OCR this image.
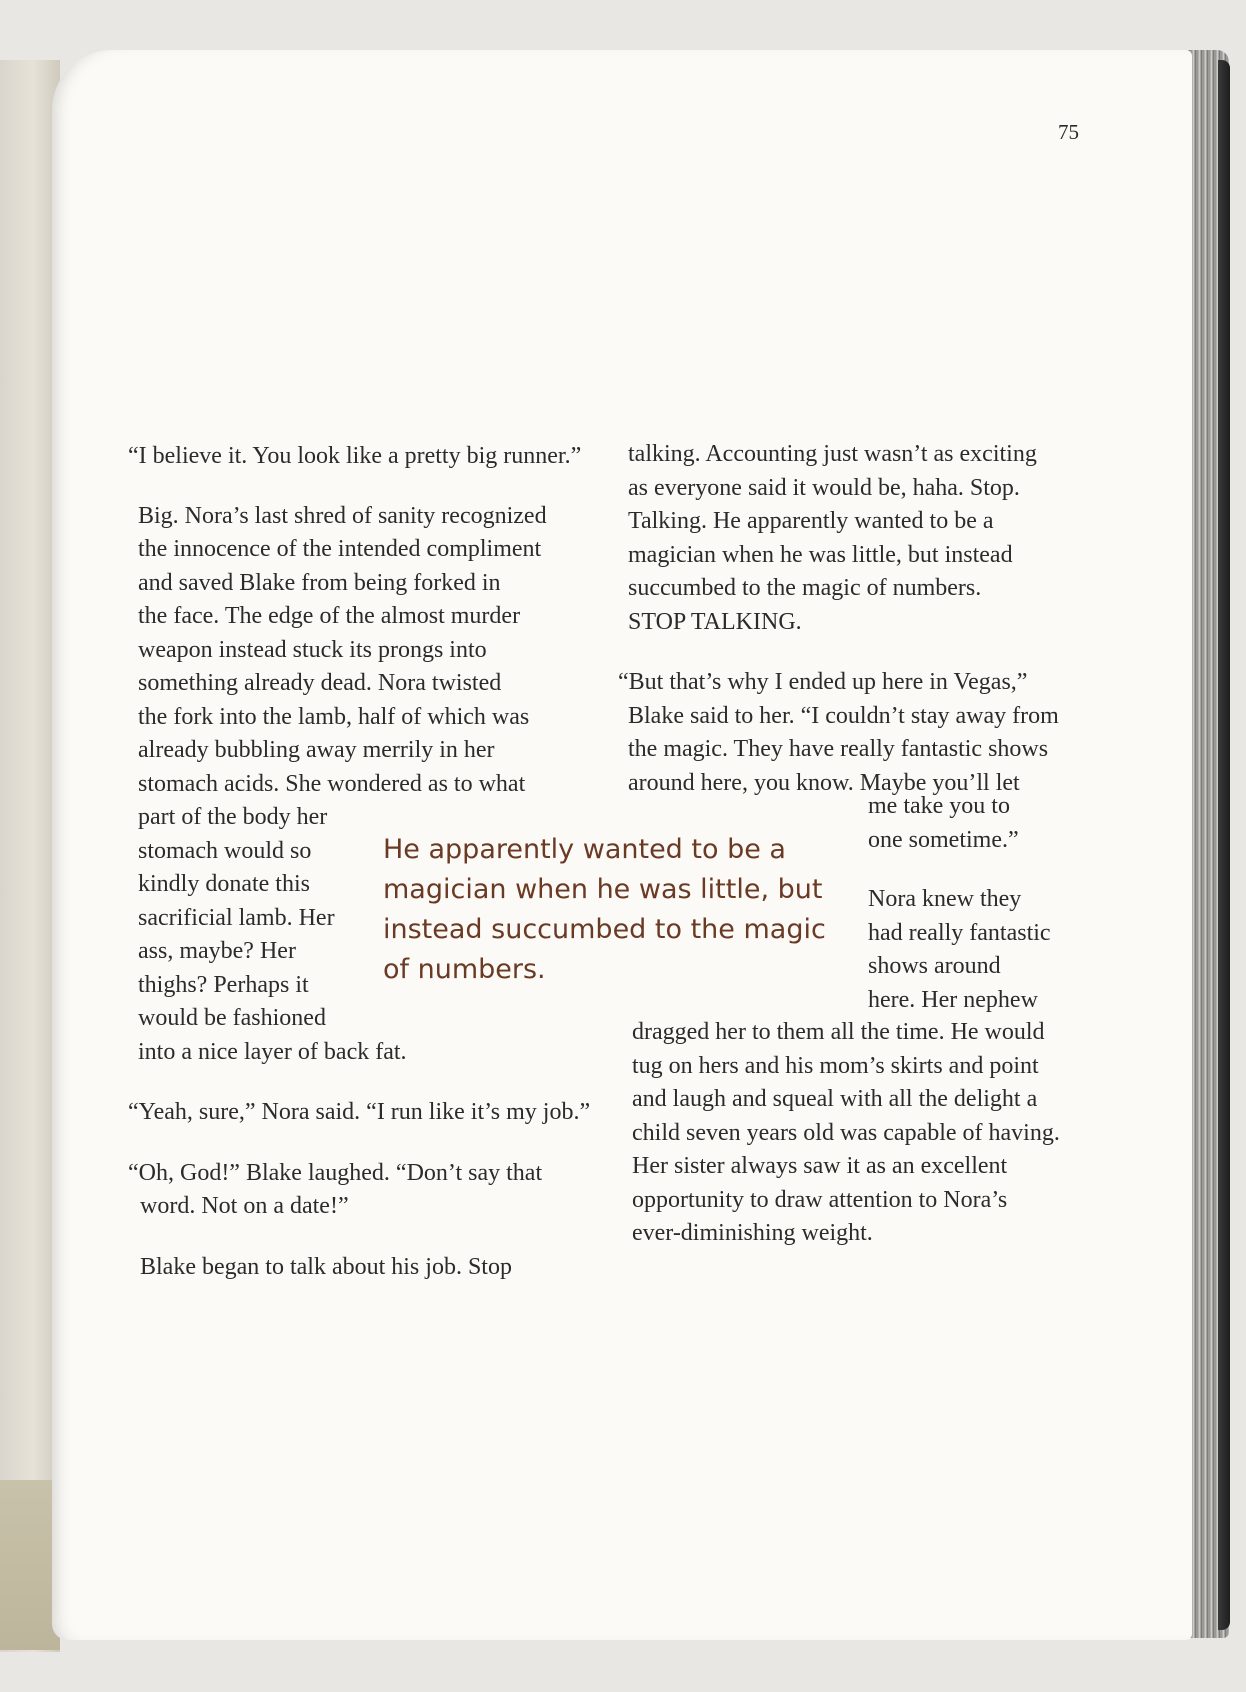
75
“I believe it. You look like a pretty big runner.”
Big. Nora’s last shred of sanity recognized
the innocence of the intended compliment
and saved Blake from being forked in
the face. The edge of the almost murder
weapon instead stuck its prongs into
something already dead. Nora twisted
the fork into the lamb, half of which was
already bubbling away merrily in her
stomach acids. She wondered as to what
part of the body her
stomach would so
kindly donate this
sacrificial lamb. Her
ass, maybe? Her
thighs? Perhaps it
would be fashioned
into a nice layer of back fat.
“Yeah, sure,” Nora said. “I run like it’s my job.”
“Oh, God!” Blake laughed. “Don’t say that
word. Not on a date!”
Blake began to talk about his job. Stop
He apparently wanted to be a
magician when he was little, but
instead succumbed to the magic
of numbers.
talking. Accounting just wasn’t as exciting
as everyone said it would be, haha. Stop.
Talking. He apparently wanted to be a
magician when he was little, but instead
succumbed to the magic of numbers.
STOP TALKING.
“But that’s why I ended up here in Vegas,”
Blake said to her. “I couldn’t stay away from
the magic. They have really fantastic shows
around here, you know. Maybe you’ll let
me take you to
one sometime.”
Nora knew they
had really fantastic
shows around
here. Her nephew
dragged her to them all the time. He would
tug on hers and his mom’s skirts and point
and laugh and squeal with all the delight a
child seven years old was capable of having.
Her sister always saw it as an excellent
opportunity to draw attention to Nora’s
ever-diminishing weight.
